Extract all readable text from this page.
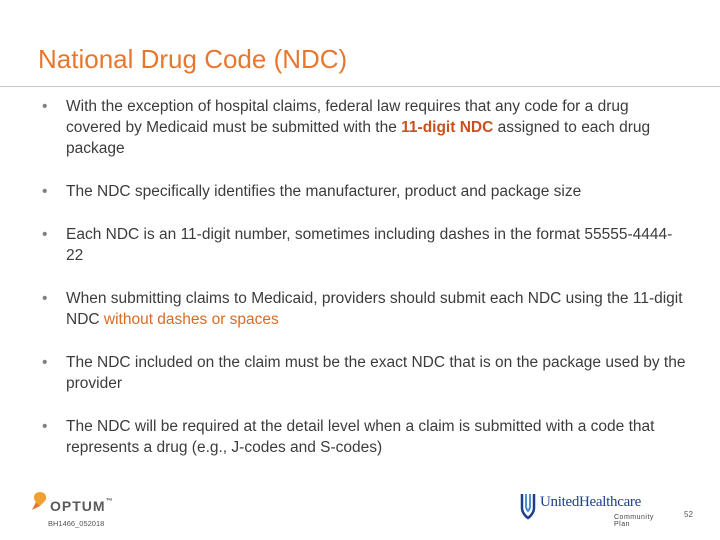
National Drug Code (NDC)
• With the exception of hospital claims, federal law requires that any code for a drug covered by Medicaid must be submitted with the 11-digit NDC assigned to each drug package
• The NDC specifically identifies the manufacturer, product and package size
• Each NDC is an 11-digit number, sometimes including dashes in the format 55555-4444-22
• When submitting claims to Medicaid, providers should submit each NDC using the 11-digit NDC without dashes or spaces
• The NDC included on the claim must be the exact NDC that is on the package used by the provider
• The NDC will be required at the detail level when a claim is submitted with a code that represents a drug (e.g., J-codes and S-codes)
OPTUM™
BH1466_052018
UnitedHealthcare
Community Plan
52
